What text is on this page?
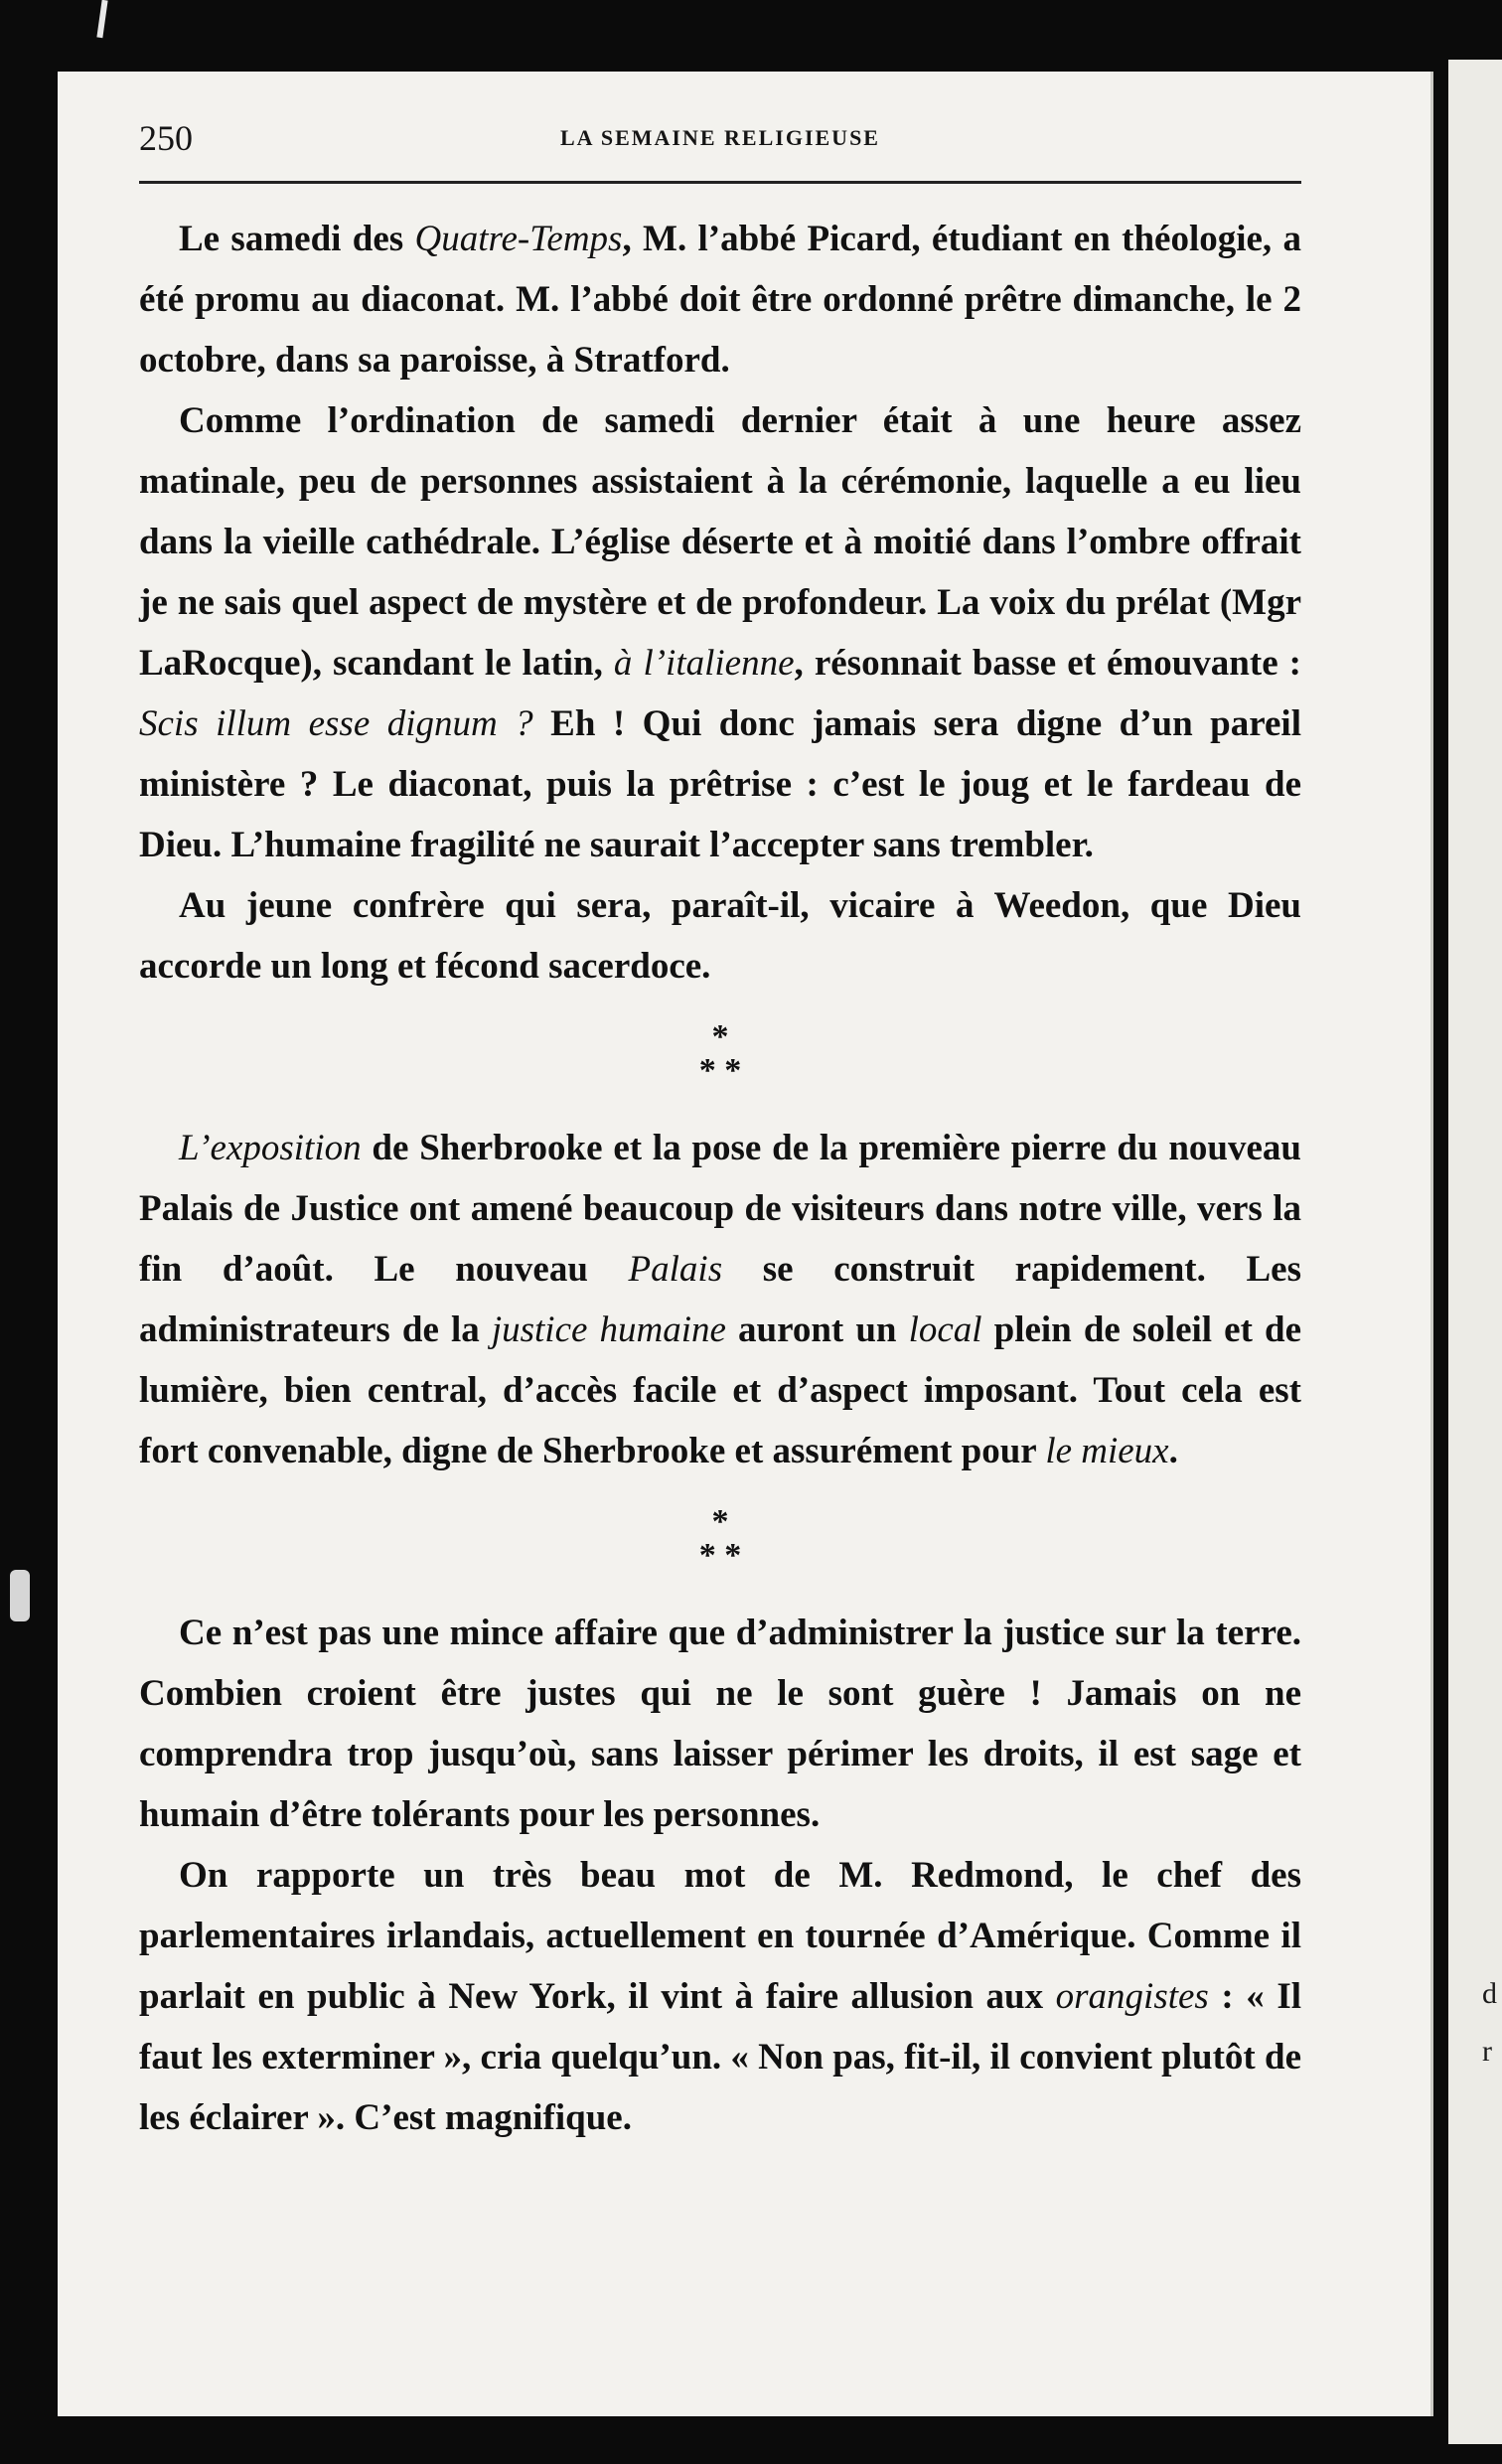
d
r
250	LA SEMAINE RELIGIEUSE

Le samedi des Quatre-Temps, M. l’abbé Picard, étudiant en théologie, a été promu au diaconat. M. l’abbé doit être ordonné prêtre dimanche, le 2 octobre, dans sa paroisse, à Stratford.

Comme l’ordination de samedi dernier était à une heure assez matinale, peu de personnes assistaient à la cérémonie, laquelle a eu lieu dans la vieille cathédrale. L’église déserte et à moitié dans l’ombre offrait je ne sais quel aspect de mystère et de profondeur. La voix du prélat (Mgr LaRocque), scandant le latin, à l’italienne, résonnait basse et émouvante : Scis illum esse dignum ? Eh ! Qui donc jamais sera digne d’un pareil ministère ? Le diaconat, puis la prêtrise : c’est le joug et le fardeau de Dieu. L’humaine fragilité ne saurait l’accepter sans trembler.

Au jeune confrère qui sera, paraît-il, vicaire à Weedon, que Dieu accorde un long et fécond sacerdoce.

*
* *

L’exposition de Sherbrooke et la pose de la première pierre du nouveau Palais de Justice ont amené beaucoup de visiteurs dans notre ville, vers la fin d’août. Le nouveau Palais se construit rapidement. Les administrateurs de la justice humaine auront un local plein de soleil et de lumière, bien central, d’accès facile et d’aspect imposant. Tout cela est fort convenable, digne de Sherbrooke et assurément pour le mieux.

*
* *

Ce n’est pas une mince affaire que d’administrer la justice sur la terre. Combien croient être justes qui ne le sont guère ! Jamais on ne comprendra trop jusqu’où, sans laisser périmer les droits, il est sage et humain d’être tolérants pour les personnes.

On rapporte un très beau mot de M. Redmond, le chef des parlementaires irlandais, actuellement en tournée d’Amérique. Comme il parlait en public à New York, il vint à faire allusion aux orangistes : « Il faut les exterminer », cria quelqu’un. « Non pas, fit-il, il convient plutôt de les éclairer ». C’est magnifique.
